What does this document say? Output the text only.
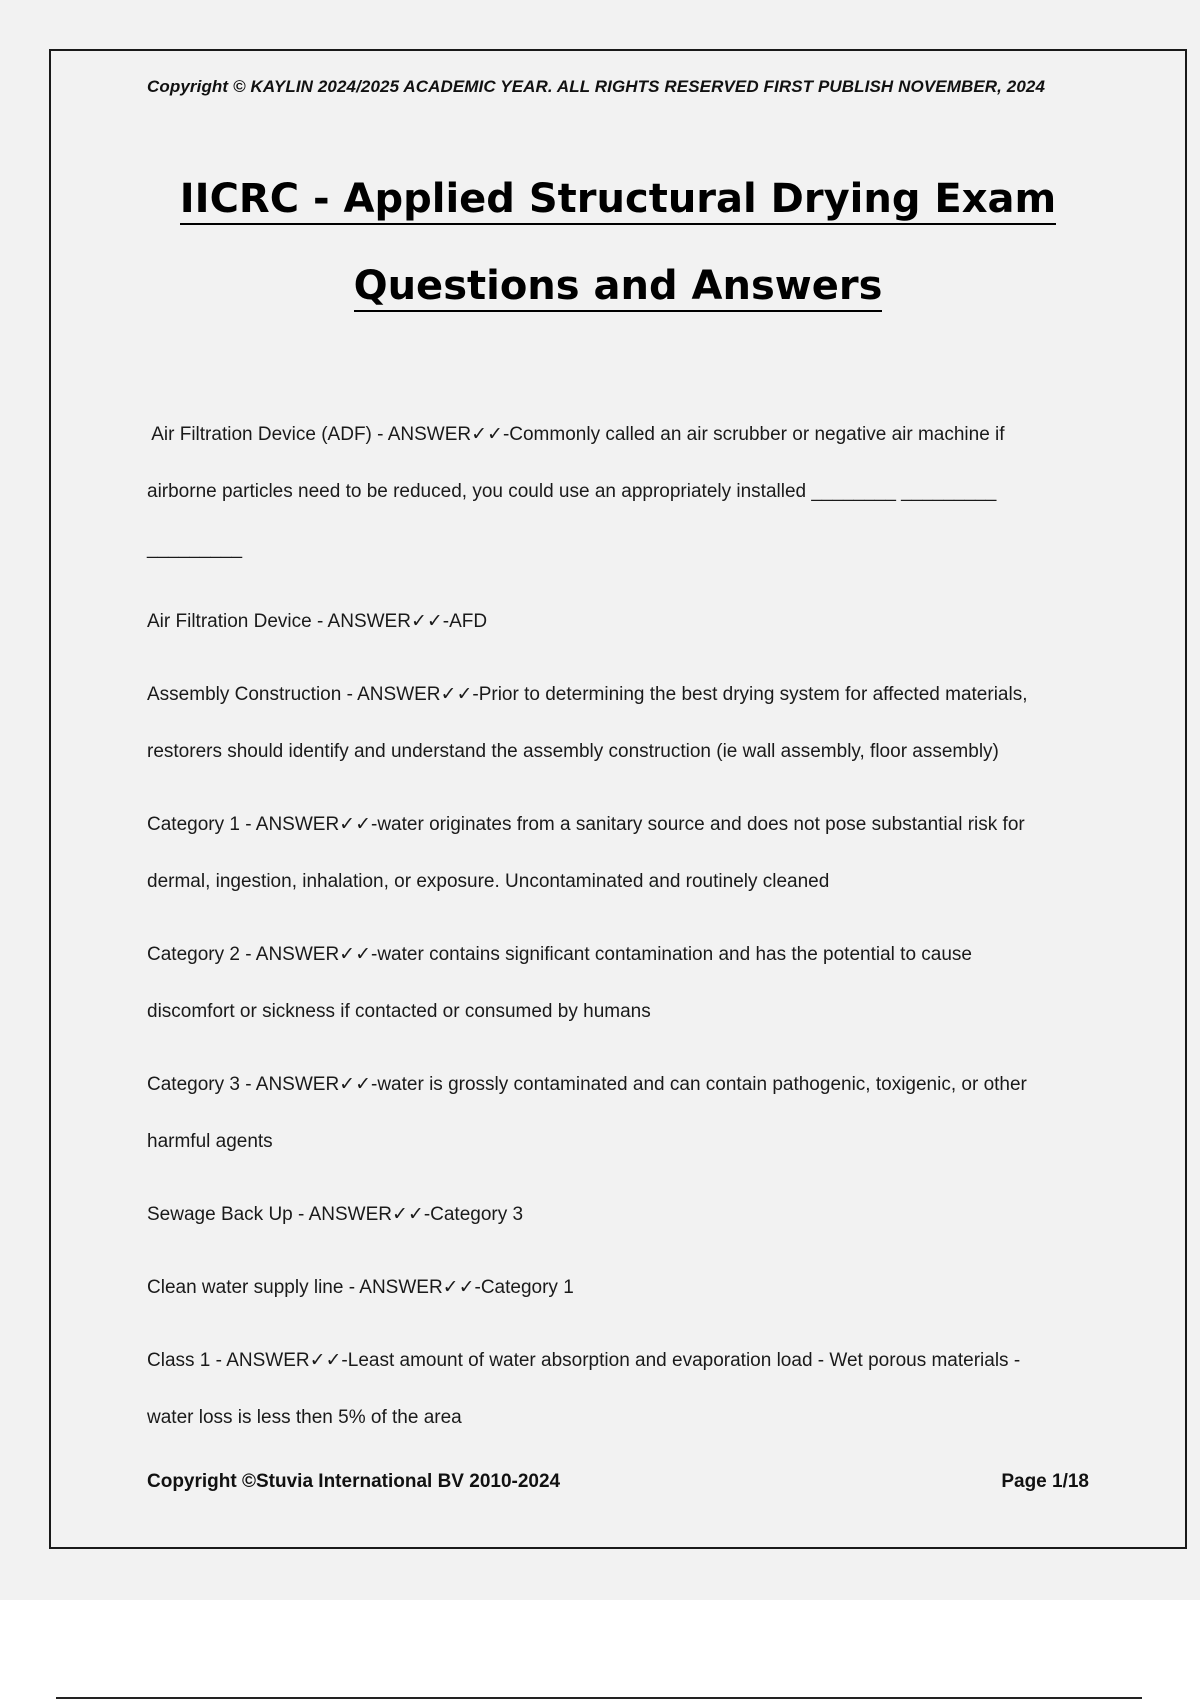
Copyright © KAYLIN 2024/2025 ACADEMIC YEAR. ALL RIGHTS RESERVED FIRST PUBLISH NOVEMBER, 2024
IICRC - Applied Structural Drying Exam
Questions and Answers
Air Filtration Device (ADF) - ANSWER✓✓-Commonly called an air scrubber or negative air machine if
airborne particles need to be reduced, you could use an appropriately installed ________ _________
_________
Air Filtration Device - ANSWER✓✓-AFD
Assembly Construction - ANSWER✓✓-Prior to determining the best drying system for affected materials,
restorers should identify and understand the assembly construction (ie wall assembly, floor assembly)
Category 1 - ANSWER✓✓-water originates from a sanitary source and does not pose substantial risk for
dermal, ingestion, inhalation, or exposure. Uncontaminated and routinely cleaned
Category 2 - ANSWER✓✓-water contains significant contamination and has the potential to cause
discomfort or sickness if contacted or consumed by humans
Category 3 - ANSWER✓✓-water is grossly contaminated and can contain pathogenic, toxigenic, or other
harmful agents
Sewage Back Up - ANSWER✓✓-Category 3
Clean water supply line - ANSWER✓✓-Category 1
Class 1 - ANSWER✓✓-Least amount of water absorption and evaporation load - Wet porous materials -
water loss is less then 5% of the area
Copyright ©Stuvia International BV 2010-2024	Page 1/18
